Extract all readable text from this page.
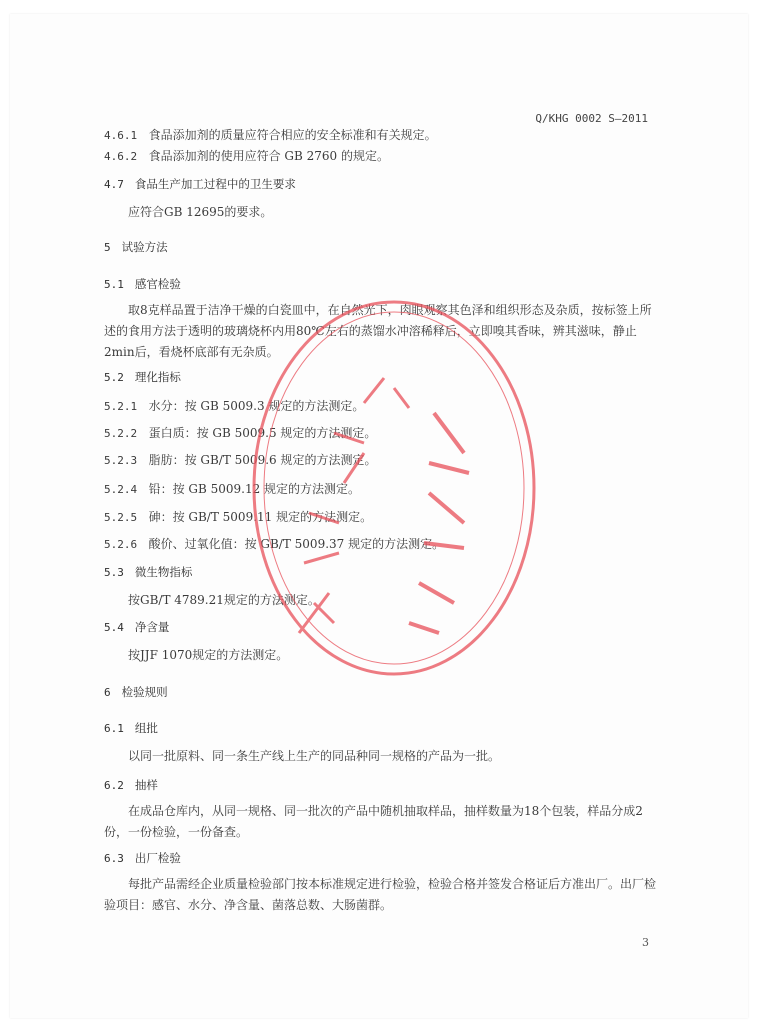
Q/KHG 0002 S—2011
4.6.1 食品添加剂的质量应符合相应的安全标准和有关规定。
4.6.2 食品添加剂的使用应符合 GB 2760 的规定。
4.7 食品生产加工过程中的卫生要求
应符合GB 12695的要求。
5 试验方法
5.1 感官检验
取8克样品置于洁净干燥的白瓷皿中，在自然光下，肉眼观察其色泽和组织形态及杂质，按标签上所述的食用方法于透明的玻璃烧杯内用80℃左右的蒸馏水冲溶稀释后，立即嗅其香味，辨其滋味，静止2min后，看烧杯底部有无杂质。
5.2 理化指标
5.2.1 水分：按 GB 5009.3 规定的方法测定。
5.2.2 蛋白质：按 GB 5009.5 规定的方法测定。
5.2.3 脂肪：按 GB/T 5009.6 规定的方法测定。
5.2.4 铅：按 GB 5009.12 规定的方法测定。
5.2.5 砷：按 GB/T 5009.11 规定的方法测定。
5.2.6 酸价、过氧化值：按 GB/T 5009.37 规定的方法测定。
5.3 微生物指标
按GB/T 4789.21规定的方法测定。
5.4 净含量
按JJF 1070规定的方法测定。
6 检验规则
6.1 组批
以同一批原料、同一条生产线上生产的同品种同一规格的产品为一批。
6.2 抽样
在成品仓库内，从同一规格、同一批次的产品中随机抽取样品，抽样数量为18个包装，样品分成2份，一份检验，一份备查。
6.3 出厂检验
每批产品需经企业质量检验部门按本标准规定进行检验，检验合格并签发合格证后方准出厂。出厂检验项目：感官、水分、净含量、菌落总数、大肠菌群。
3
